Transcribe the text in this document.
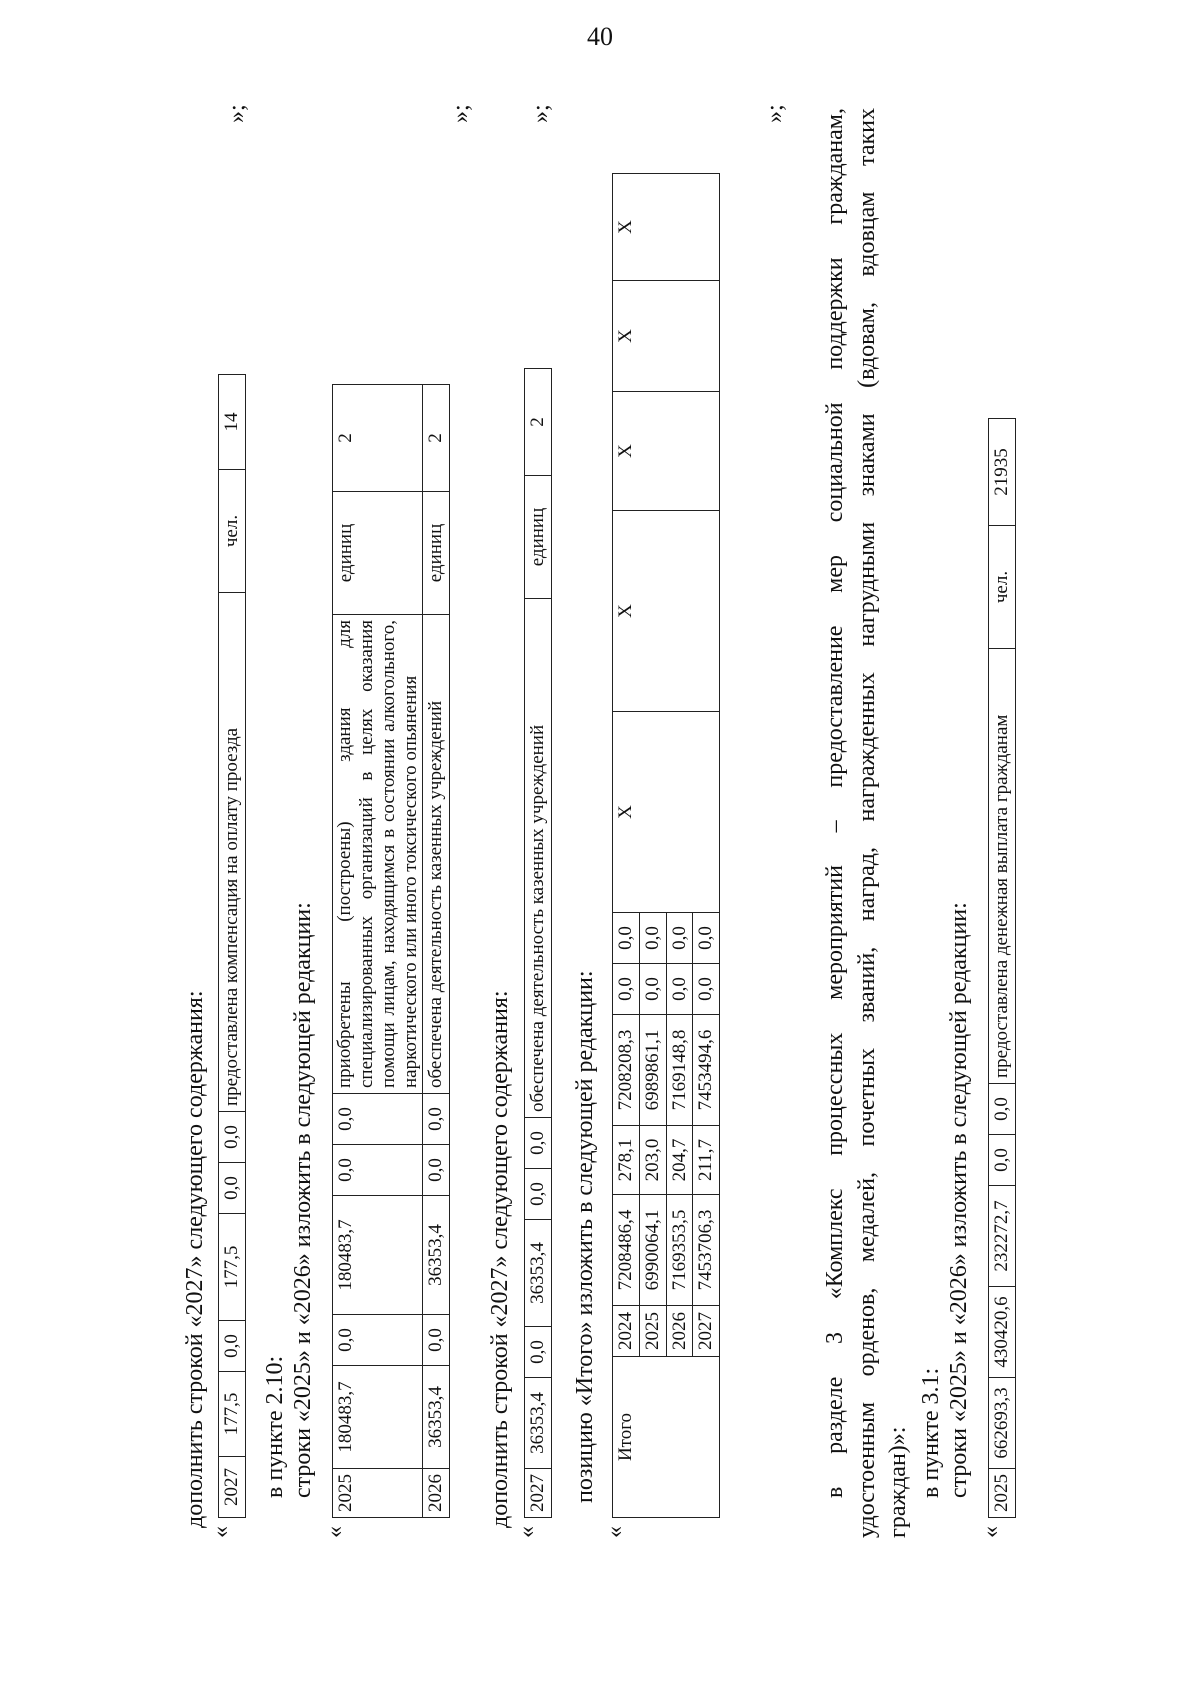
40
дополнить строкой «2027» следующего содержания:
«
2027	177,5	0,0	177,5	0,0	0,0	предоставлена компенсация на оплату проезда	чел.	14
»;
в пункте 2.10: строки «2025» и «2026» изложить в следующей редакции:
«
2025	180483,7	0,0	180483,7	0,0	0,0	приобретены (построены) здания для специализированных организаций в целях оказания помощи лицам, находящимся в состоянии алкогольного, наркотического или иного токсического опьянения	единиц	2
2026	36353,4	0,0	36353,4	0,0	0,0	обеспечена деятельность казенных учреждений	единиц	2
»;
дополнить строкой «2027» следующего содержания:
«
2027	36353,4	0,0	36353,4	0,0	0,0	обеспечена деятельность казенных учреждений	единиц	2
»;
позицию «Итого» изложить в следующей редакции:
«
Итого	2024	7208486,4	278,1	7208208,3	0,0	0,0	X	X	X	X	X
	2025	6990064,1	203,0	6989861,1	0,0	0,0					
	2026	7169353,5	204,7	7169148,8	0,0	0,0					
	2027	7453706,3	211,7	7453494,6	0,0	0,0					
»; в разделе 3 «Комплекс процессных мероприятий – предоставление мер социальной поддержки гражданам, удостоенным орденов, медалей, почетных званий, наград, награжденных нагрудными знаками (вдовам, вдовцам таких граждан)»: в пункте 3.1: строки «2025» и «2026» изложить в следующей редакции:
«
2025	662693,3	430420,6	232272,7	0,0	0,0	предоставлена денежная выплата гражданам	чел.	21935
